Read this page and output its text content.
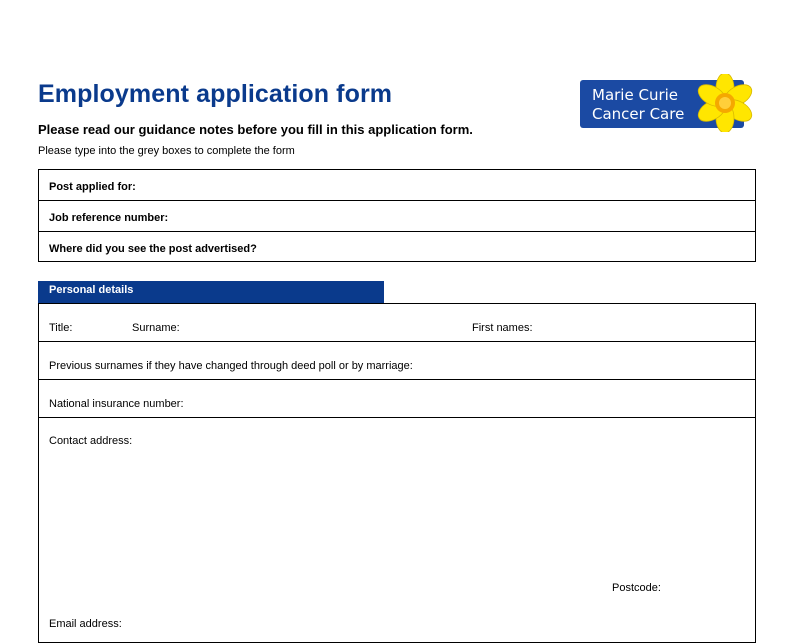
Employment application form
Please read our guidance notes before you fill in this application form.
Please type into the grey boxes to complete the form
Marie Curie
Cancer Care
Post applied for:
Job reference number:
Where did you see the post advertised?
Personal details
Title:	Surname:	First names:
Previous surnames if they have changed through deed poll or by marriage:
National insurance number:
Contact address:
Postcode:
Email address:
